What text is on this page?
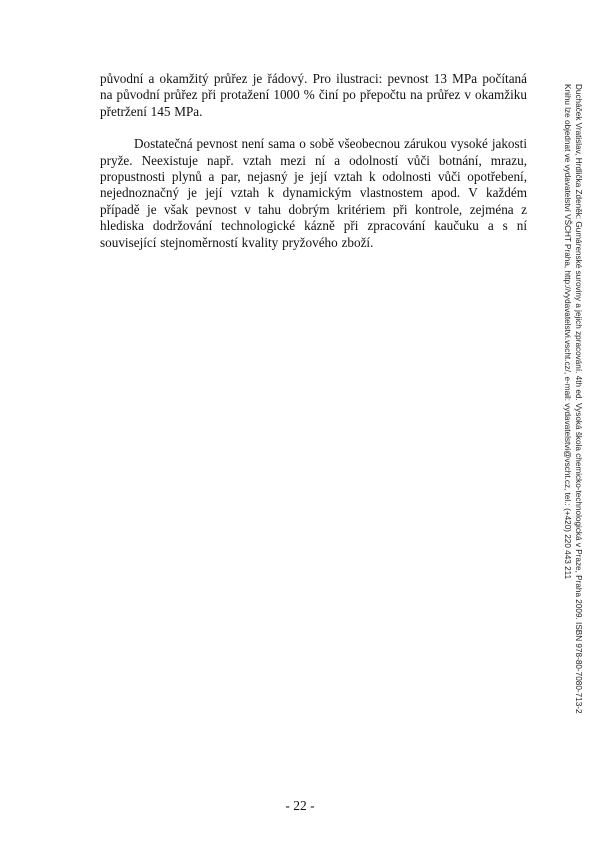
původní a okamžitý průřez je řádový. Pro ilustraci: pevnost 13 MPa počítaná na původní průřez při protažení 1000 % činí po přepočtu na průřez v okamžiku přetržení 145 MPa.

Dostatečná pevnost není sama o sobě všeobecnou zárukou vysoké jakosti pryže. Neexistuje např. vztah mezi ní a odolností vůči botnání, mrazu, propustnosti plynů a par, nejasný je její vztah k odolnosti vůči opotřebení, nejednoznačný je její vztah k dynamickým vlastnostem apod. V každém případě je však pevnost v tahu dobrým kritériem při kontrole, zejména z hlediska dodržování technologické kázně při zpracování kaučuku a s ní související stejnoměrností kvality pryžového zboží.	Ducháček Vratislav, Hrdlička Zdeněk: Gumárenské suroviny a jejich zpracování. 4th ed. Vysoká škola chemicko-technologická v Praze, Praha 2009. ISBN 978-80-7080-713-2
Knihu lze objednat ve vydavatelství VŠCHT Praha, http://vydavatelstvi.vscht.cz/, e-mail: vydavatelstvi@vscht.cz, tel.: (+420) 220 443 211
- 22 -
